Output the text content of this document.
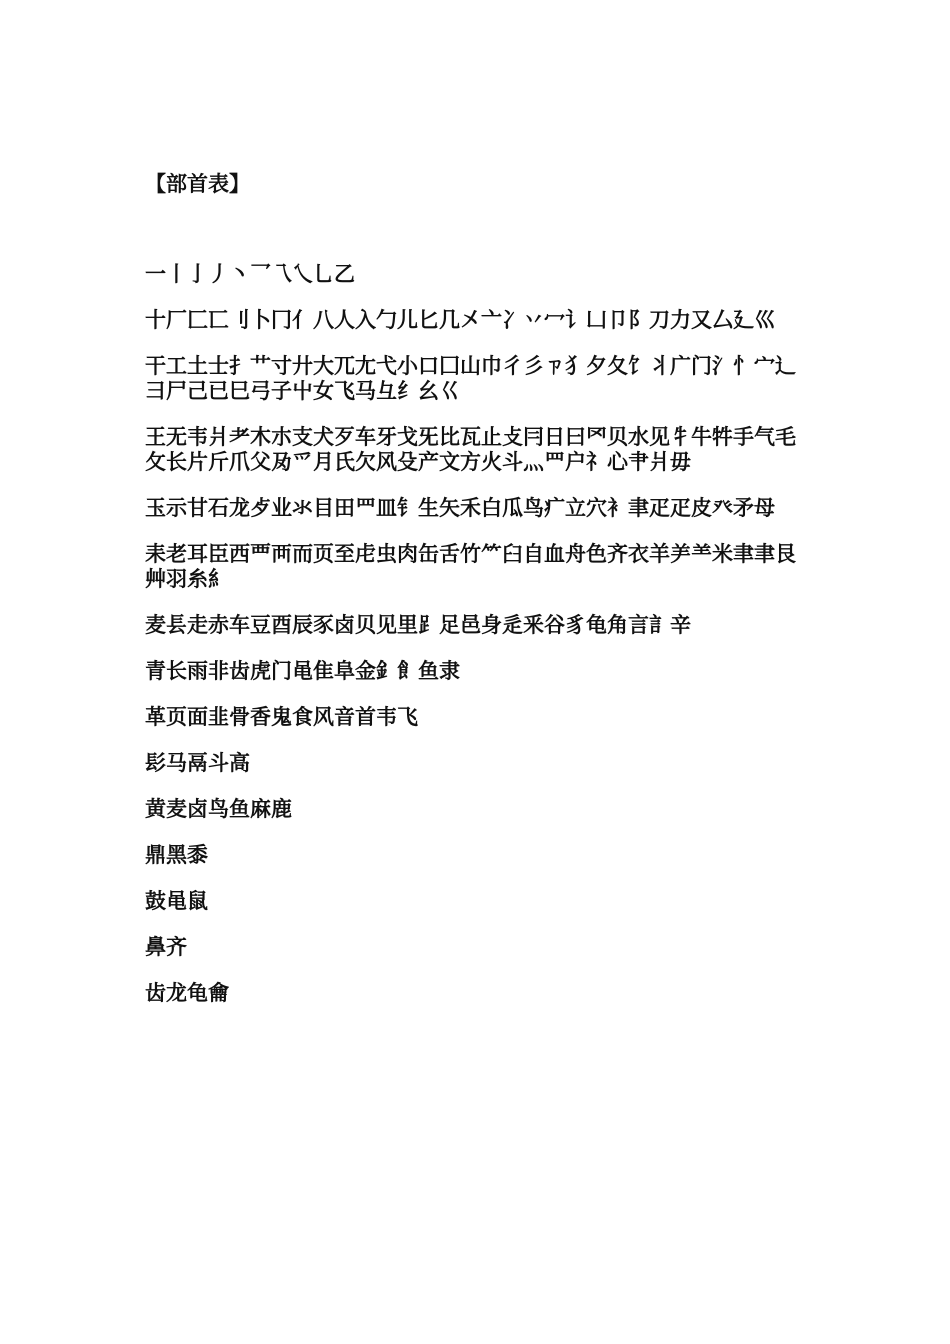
【部首表】

一丨亅丿丶乛乁乀乚乙

十厂匚匸刂卜冂亻八人入勹儿匕几㐅亠冫丷冖讠凵卩阝刀力又厶廴巛

干工土士扌艹寸廾大兀尢弋小口囗山巾彳彡ㄗ犭夕夂饣丬广门氵忄宀辶彐尸己已巳弓子屮女飞马彑纟幺巜

王无韦爿耂木朩支犬歹车牙戈旡比瓦止攴冃日曰罓贝水见牜牛牪手气毛攵长片斤爪父夃爫月氏欠风殳产文方火斗灬罒户礻心肀爿毋

玉示甘石龙歺业氺目田罒皿钅生矢禾白瓜鸟疒立穴衤聿疋疋皮癶矛母

耒老耳臣西覀襾而页至虍虫肉缶舌竹⺮臼自血舟色齐衣羊⺶⺷米聿聿艮艸羽糸糹

麦镸走赤车豆酉辰豕卤贝见里⻊足邑身辵釆谷豸龟角言訁辛

青长雨非齿虎门黾隹阜金釒飠鱼隶

革页面韭骨香鬼食风音首韦飞

髟马鬲斗高

黄麦卤鸟鱼麻鹿

鼎黑黍

鼓黾鼠

鼻齐

齿龙龟龠
